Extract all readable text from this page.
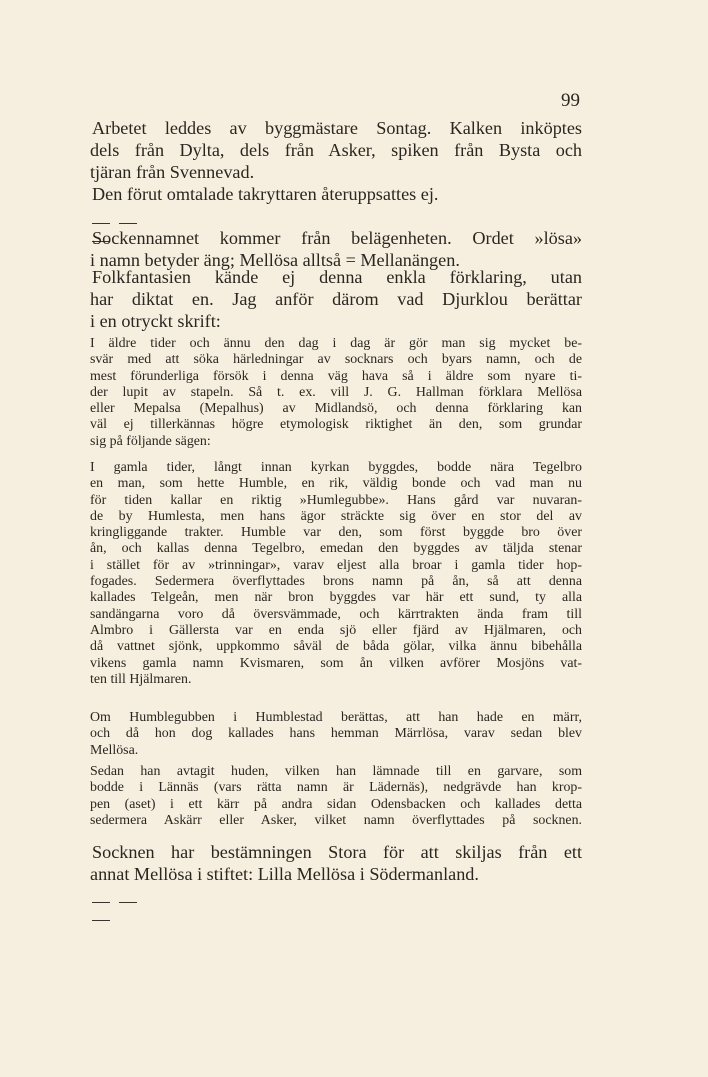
99
Arbetet leddes av byggmästare Sontag. Kalken inköptes
dels från Dylta, dels från Asker, spiken från Bysta och
tjäran från Svennevad.
Den förut omtalade takryttaren återuppsattes ej.
Sockennamnet kommer från belägenheten. Ordet »lösa»
i namn betyder äng; Mellösa alltså = Mellanängen.
Folkfantasien kände ej denna enkla förklaring, utan
har diktat en. Jag anför därom vad Djurklou berättar
i en otryckt skrift:
I äldre tider och ännu den dag i dag är gör man sig mycket be-
svär med att söka härledningar av socknars och byars namn, och de
mest förunderliga försök i denna väg hava så i äldre som nyare ti-
der lupit av stapeln. Så t. ex. vill J. G. Hallman förklara Mellösa
eller Mepalsa (Mepalhus) av Midlandsö, och denna förklaring kan
väl ej tillerkännas högre etymologisk riktighet än den, som grundar
sig på följande sägen:
I gamla tider, långt innan kyrkan byggdes, bodde nära Tegelbro
en man, som hette Humble, en rik, väldig bonde och vad man nu
för tiden kallar en riktig »Humlegubbe». Hans gård var nuvaran-
de by Humlesta, men hans ägor sträckte sig över en stor del av
kringliggande trakter. Humble var den, som först byggde bro över
ån, och kallas denna Tegelbro, emedan den byggdes av täljda stenar
i stället för av »trinningar», varav eljest alla broar i gamla tider hop-
fogades. Sedermera överflyttades brons namn på ån, så att denna
kallades Telgeån, men när bron byggdes var här ett sund, ty alla
sandängarna voro då översvämmade, och kärrtrakten ända fram till
Almbro i Gällersta var en enda sjö eller fjärd av Hjälmaren, och
då vattnet sjönk, uppkommo såväl de båda gölar, vilka ännu bibehålla
vikens gamla namn Kvismaren, som ån vilken avförer Mosjöns vat-
ten till Hjälmaren.
Om Humblegubben i Humblestad berättas, att han hade en märr,
och då hon dog kallades hans hemman Märrlösa, varav sedan blev
Mellösa.
Sedan han avtagit huden, vilken han lämnade till en garvare, som
bodde i Lännäs (vars rätta namn är Lädernäs), nedgrävde han krop-
pen (aset) i ett kärr på andra sidan Odensbacken och kallades detta
sedermera Askärr eller Asker, vilket namn överflyttades på socknen.
Socknen har bestämningen Stora för att skiljas från ett
annat Mellösa i stiftet: Lilla Mellösa i Södermanland.
